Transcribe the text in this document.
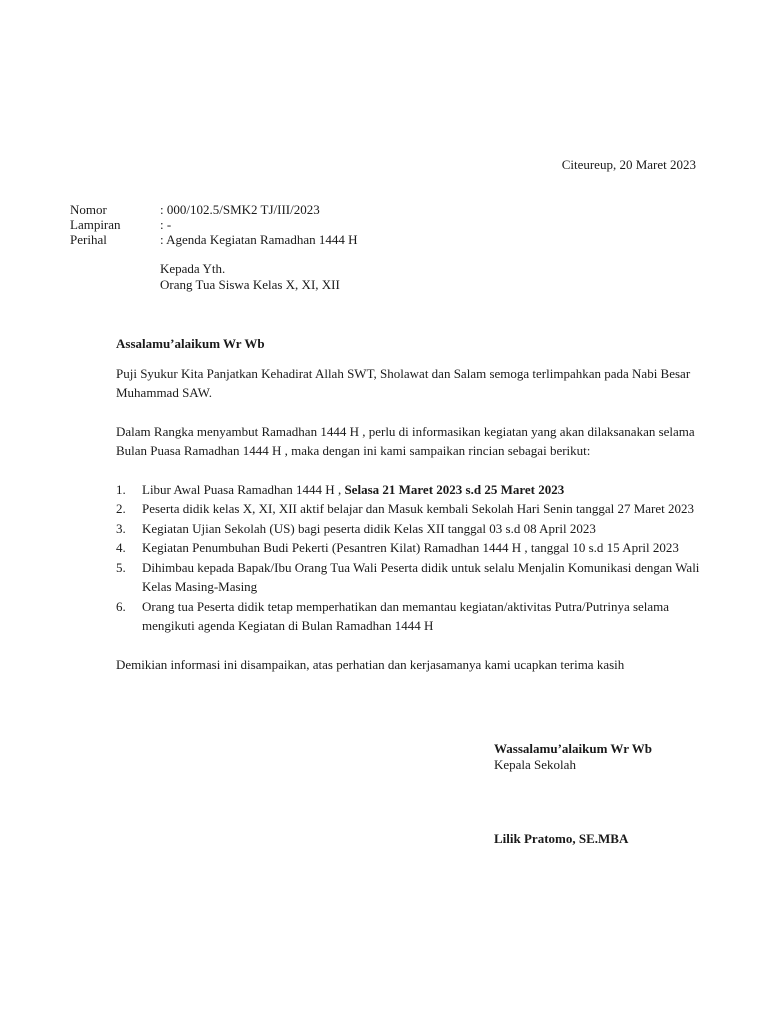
Citeureup, 20 Maret 2023
Nomor	: 000/102.5/SMK2 TJ/III/2023
Lampiran	: -
Perihal	: Agenda Kegiatan Ramadhan 1444 H
Kepada Yth.
Orang Tua Siswa Kelas X, XI, XII

Assalamu’alaikum Wr Wb

Puji Syukur Kita Panjatkan Kehadirat Allah SWT, Sholawat dan Salam semoga terlimpahkan pada Nabi Besar Muhammad SAW.

Dalam Rangka menyambut Ramadhan 1444 H , perlu di informasikan kegiatan yang akan dilaksanakan selama Bulan Puasa Ramadhan 1444 H , maka dengan ini kami sampaikan rincian sebagai berikut:

1.	Libur Awal Puasa Ramadhan 1444 H , Selasa 21 Maret 2023 s.d 25 Maret 2023
2.	Peserta didik kelas X, XI, XII aktif belajar dan Masuk kembali Sekolah Hari Senin tanggal 27 Maret 2023
3.	Kegiatan Ujian Sekolah (US) bagi peserta didik Kelas XII tanggal 03 s.d 08 April 2023
4.	Kegiatan Penumbuhan Budi Pekerti (Pesantren Kilat) Ramadhan 1444 H , tanggal 10 s.d 15 April 2023
5.	Dihimbau kepada Bapak/Ibu Orang Tua Wali Peserta didik untuk selalu Menjalin Komunikasi dengan Wali Kelas Masing-Masing
6.	Orang tua Peserta didik tetap memperhatikan dan memantau kegiatan/aktivitas Putra/Putrinya selama mengikuti agenda Kegiatan di Bulan Ramadhan 1444 H

Demikian informasi ini disampaikan, atas perhatian dan kerjasamanya kami ucapkan terima kasih

Wassalamu’alaikum Wr Wb
Kepala Sekolah
Lilik Pratomo, SE.MBA
